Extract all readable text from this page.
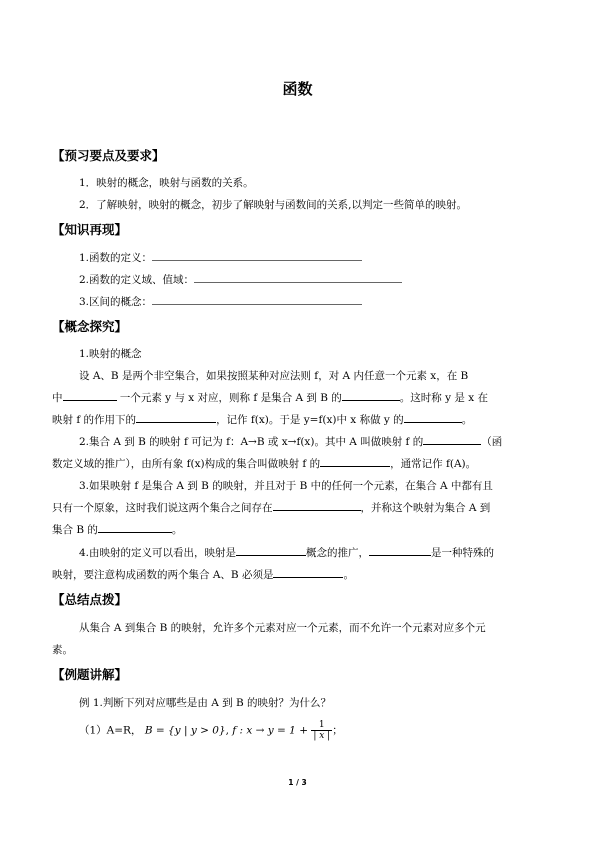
函数
【预习要点及要求】
1．映射的概念，映射与函数的关系。
2．了解映射，映射的概念，初步了解映射与函数间的关系,以判定一些简单的映射。
【知识再现】
1.函数的定义：
2.函数的定义域、值域：
3.区间的概念：
【概念探究】
1.映射的概念
设 A、B 是两个非空集合，如果按照某种对应法则 f，对 A 内任意一个元素 x，在 B
中	一个元素 y 与 x 对应，则称 f 是集合 A 到 B 的	。这时称 y 是 x 在
映射 f 的作用下的	，记作 f(x)。于是 y=f(x)中 x 称做 y 的	。
2.集合 A 到 B 的映射 f 可记为 f：A→B 或 x→f(x)。其中 A 叫做映射 f 的	（函
数定义域的推广），由所有象 f(x)构成的集合叫做映射 f 的	，通常记作 f(A)。
3.如果映射 f 是集合 A 到 B 的映射，并且对于 B 中的任何一个元素，在集合 A 中都有且
只有一个原象，这时我们说这两个集合之间存在	，并称这个映射为集合 A 到
集合 B 的	。
4.由映射的定义可以看出，映射是	概念的推广，	是一种特殊的
映射，要注意构成函数的两个集合 A、B 必须是	。
【总结点拨】
从集合 A 到集合 B 的映射，允许多个元素对应一个元素，而不允许一个元素对应多个元
素。
【例题讲解】
例 1.判断下列对应哪些是由 A 到 B 的映射？为什么？
（1）A=R， B = {y | y > 0}, f : $x \to y = 1 + \frac{1}{| x |}$ ；
1 / 3
